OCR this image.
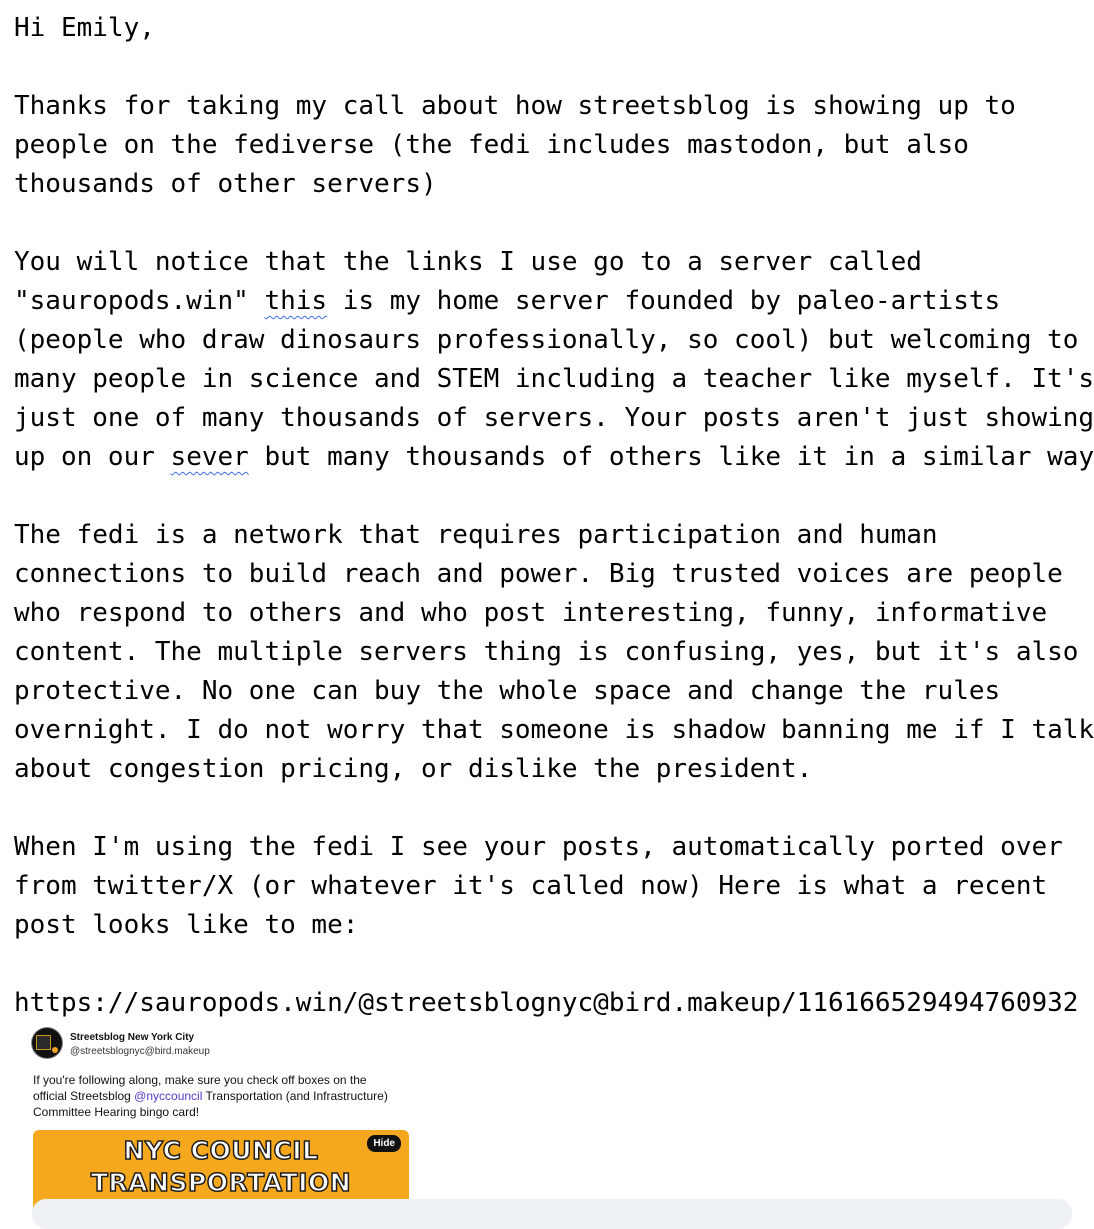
Hi Emily,
Thanks for taking my call about how streetsblog is showing up to
people on the fediverse (the fedi includes mastodon, but also
thousands of other servers)
You will notice that the links I use go to a server called
"sauropods.win" this is my home server founded by paleo-artists
(people who draw dinosaurs professionally, so cool) but welcoming to
many people in science and STEM including a teacher like myself. It's
just one of many thousands of servers. Your posts aren't just showing
up on our sever but many thousands of others like it in a similar way
The fedi is a network that requires participation and human
connections to build reach and power. Big trusted voices are people
who respond to others and who post interesting, funny, informative
content. The multiple servers thing is confusing, yes, but it's also
protective. No one can buy the whole space and change the rules
overnight. I do not worry that someone is shadow banning me if I talk
about congestion pricing, or dislike the president.
When I'm using the fedi I see your posts, automatically ported over
from twitter/X (or whatever it's called now) Here is what a recent
post looks like to me:
https://sauropods.win/@streetsblognyc@bird.makeup/116166529494760932
Streetsblog New York City
@streetsblognyc@bird.makeup
If you're following along, make sure you check off boxes on the official Streetsblog @nyccouncil Transportation (and Infrastructure) Committee Hearing bingo card!
NYC COUNCIL
TRANSPORTATION
Hide
